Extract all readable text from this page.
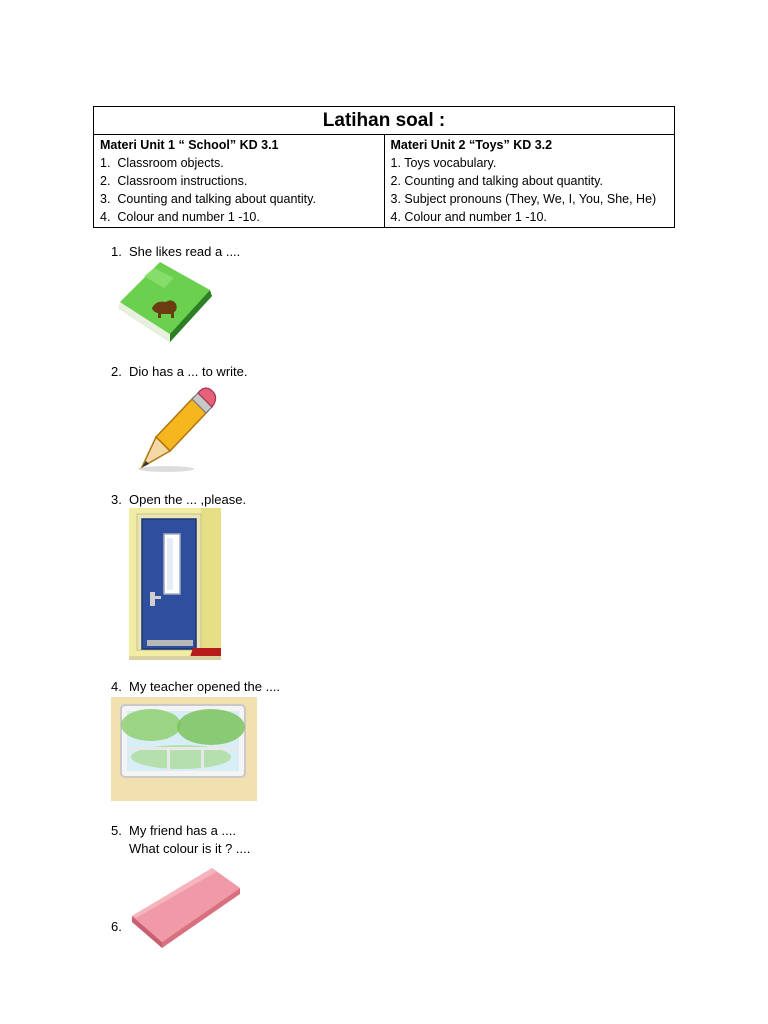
Latihan soal :

Materi Unit 1 “ School” KD 3.1
1. Classroom objects.
2. Classroom instructions.
3. Counting and talking about quantity.
4. Colour and number 1 -10.

Materi Unit 2 “Toys” KD 3.2
1. Toys vocabulary.
2. Counting and talking about quantity.
3. Subject pronouns (They, We, I, You, She, He)
4. Colour and number 1 -10.
1. She likes read a ....
2. Dio has a ... to write.
3. Open the ... ,please.
4. My teacher opened the ....
5. My friend has a ....
What colour is it ? ....
6.
